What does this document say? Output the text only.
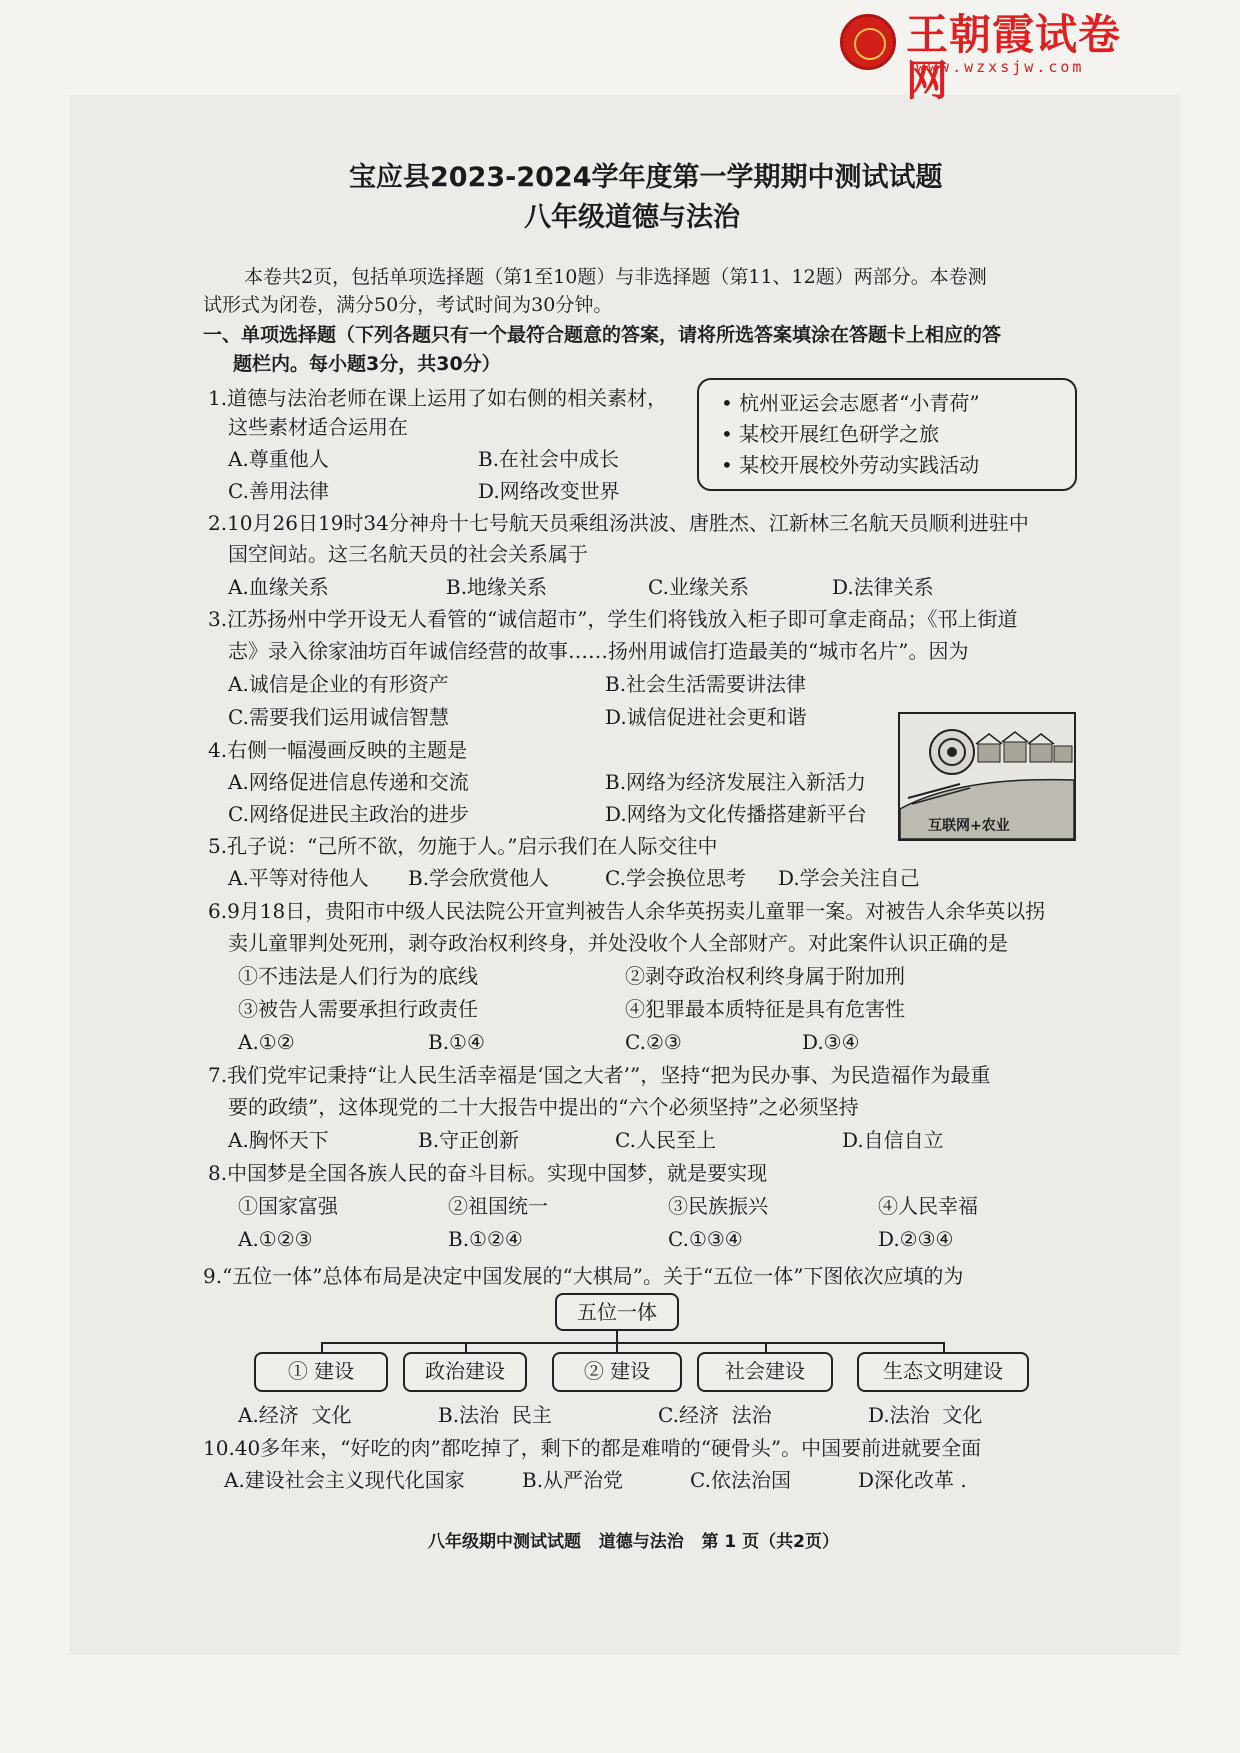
王朝霞试卷网
www.wzxsjw.com
宝应县2023-2024学年度第一学期期中测试试题
八年级道德与法治
本卷共2页，包括单项选择题（第1至10题）与非选择题（第11、12题）两部分。本卷测
试形式为闭卷，满分50分，考试时间为30分钟。
一、单项选择题（下列各题只有一个最符合题意的答案，请将所选答案填涂在答题卡上相应的答
题栏内。每小题3分，共30分）
1.道德与法治老师在课上运用了如右侧的相关素材，
这些素材适合运用在
A.尊重他人	B.在社会中成长
C.善用法律	D.网络改变世界
• 杭州亚运会志愿者“小青荷”
• 某校开展红色研学之旅
• 某校开展校外劳动实践活动
2.10月26日19时34分神舟十七号航天员乘组汤洪波、唐胜杰、江新林三名航天员顺利进驻中
国空间站。这三名航天员的社会关系属于
A.血缘关系	B.地缘关系	C.业缘关系	D.法律关系
3.江苏扬州中学开设无人看管的“诚信超市”，学生们将钱放入柜子即可拿走商品；《邗上街道
志》录入徐家油坊百年诚信经营的故事……扬州用诚信打造最美的“城市名片”。因为
A.诚信是企业的有形资产	B.社会生活需要讲法律
C.需要我们运用诚信智慧	D.诚信促进社会更和谐
4.右侧一幅漫画反映的主题是
A.网络促进信息传递和交流	B.网络为经济发展注入新活力
C.网络促进民主政治的进步	D.网络为文化传播搭建新平台	互联网+农业
5.孔子说：“己所不欲，勿施于人。”启示我们在人际交往中
A.平等对待他人 B.学会欣赏他人	C.学会换位思考 D.学会关注自己
6.9月18日，贵阳市中级人民法院公开宣判被告人余华英拐卖儿童罪一案。对被告人余华英以拐
卖儿童罪判处死刑，剥夺政治权利终身，并处没收个人全部财产。对此案件认识正确的是
①不违法是人们行为的底线	②剥夺政治权利终身属于附加刑
③被告人需要承担行政责任	④犯罪最本质特征是具有危害性
A.①②	B.①④	C.②③	D.③④
7.我们党牢记秉持“让人民生活幸福是‘国之大者’”，坚持“把为民办事、为民造福作为最重
要的政绩”，这体现党的二十大报告中提出的“六个必须坚持”之必须坚持
A.胸怀天下	B.守正创新	C.人民至上	D.自信自立
8.中国梦是全国各族人民的奋斗目标。实现中国梦，就是要实现
①国家富强	②祖国统一	③民族振兴	④人民幸福
A.①②③	B.①②④	C.①③④	D.②③④
9.“五位一体”总体布局是决定中国发展的“大棋局”。关于“五位一体”下图依次应填的为
五位一体
① 建设	政治建设	② 建设	社会建设	生态文明建设
A.经济  文化	B.法治  民主	C.经济  法治	D.法治  文化
10.40多年来，“好吃的肉”都吃掉了，剩下的都是难啃的“硬骨头”。中国要前进就要全面
A.建设社会主义现代化国家	B.从严治党	C.依法治国	D深化改革 .
八年级期中测试试题   道德与法治   第 1 页（共2页）
